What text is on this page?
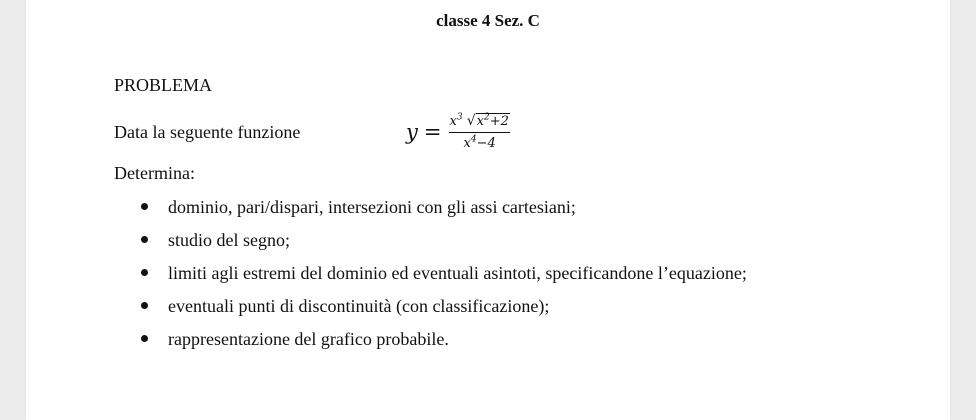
classe 4 Sez. C
PROBLEMA
Data la seguente funzione	$y = \frac{x^3 √x^2+2}{x^4-4}$
Determina:
dominio, pari/dispari, intersezioni con gli assi cartesiani;
studio del segno;
limiti agli estremi del dominio ed eventuali asintoti, specificandone l’equazione;
eventuali punti di discontinuità (con classificazione);
rappresentazione del grafico probabile.
